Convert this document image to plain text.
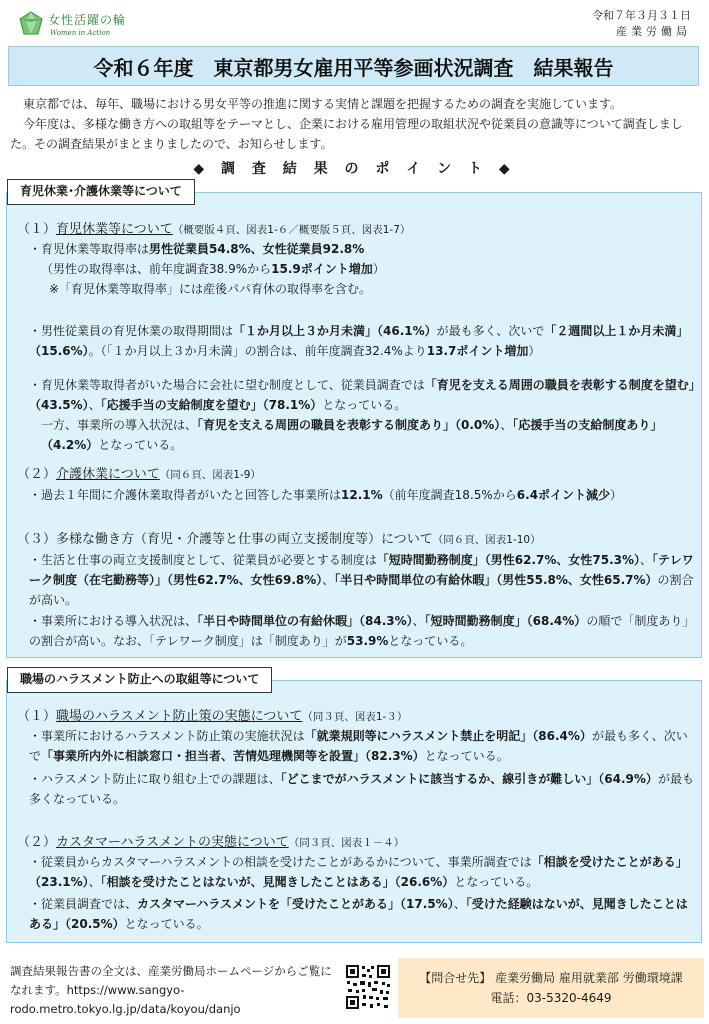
女性活躍の輪
Women in Action
令和７年３月３１日
産業労働局
令和６年度　東京都男女雇用平等参画状況調査　結果報告

東京都では、毎年、職場における男女平等の推進に関する実情と課題を把握するための調査を実施しています。

今年度は、多様な働き方への取組等をテーマとし、企業における雇用管理の取組状況や従業員の意識等について調査しました。その調査結果がまとまりましたので、お知らせします。

◆ 調 査 結 果 の ポ イ ン ト ◆
育児休業･介護休業等について
（１）育児休業等について（概要版４頁、図表1-６／概要版５頁、図表1-7）

・育児休業等取得率は男性従業員54.8%、女性従業員92.8%

（男性の取得率は、前年度調査38.9%から15.9ポイント増加）

※「育児休業等取得率」には産後パパ育休の取得率を含む。

・男性従業員の育児休業の取得期間は「１か月以上３か月未満」（46.1%）が最も多く、次いで「２週間以上１か月未満」（15.6%）。（「１か月以上３か月未満」の割合は、前年度調査32.4%より13.7ポイント増加）

・育児休業等取得者がいた場合に会社に望む制度として、従業員調査では「育児を支える周囲の職員を表彰する制度を望む」（43.5%）、「応援手当の支給制度を望む」（78.1%）となっている。

一方、事業所の導入状況は、「育児を支える周囲の職員を表彰する制度あり」（0.0%）、「応援手当の支給制度あり」（4.2%）となっている。

（２）介護休業について（同６頁、図表1-9）

・過去１年間に介護休業取得者がいたと回答した事業所は12.1%（前年度調査18.5%から6.4ポイント減少）

（３）多様な働き方（育児・介護等と仕事の両立支援制度等）について（同６頁、図表1-10）

・生活と仕事の両立支援制度として、従業員が必要とする制度は「短時間勤務制度」（男性62.7%、女性75.3%）、「テレワーク制度（在宅勤務等）」（男性62.7%、女性69.8%）、「半日や時間単位の有給休暇」（男性55.8%、女性65.7%）の割合が高い。

・事業所における導入状況は、「半日や時間単位の有給休暇」（84.3%）、「短時間勤務制度」（68.4%）の順で「制度あり」の割合が高い。なお、「テレワーク制度」は「制度あり」が53.9%となっている。

職場のハラスメント防止への取組等について
（１）職場のハラスメント防止策の実態について（同３頁、図表1-３）

・事業所におけるハラスメント防止策の実施状況は「就業規則等にハラスメント禁止を明記」（86.4%）が最も多く、次いで「事業所内外に相談窓口・担当者、苦情処理機関等を設置」（82.3%）となっている。

・ハラスメント防止に取り組む上での課題は、「どこまでがハラスメントに該当するか、線引きが難しい」（64.9%）が最も多くなっている。

（２）カスタマーハラスメントの実態について（同３頁、図表１－４）

・従業員からカスタマーハラスメントの相談を受けたことがあるかについて、事業所調査では「相談を受けたことがある」（23.1%）、「相談を受けたことはないが、見聞きしたことはある」（26.6%）となっている。

・従業員調査では、カスタマーハラスメントを「受けたことがある」（17.5%）、「受けた経験はないが、見聞きしたことはある」（20.5%）となっている。

調査結果報告書の全文は、産業労働局ホームページからご覧になれます。https://www.sangyo-rodo.metro.tokyo.lg.jp/data/koyou/danjo
【問合せ先】 産業労働局 雇用就業部 労働環境課
電話：03-5320-4649
